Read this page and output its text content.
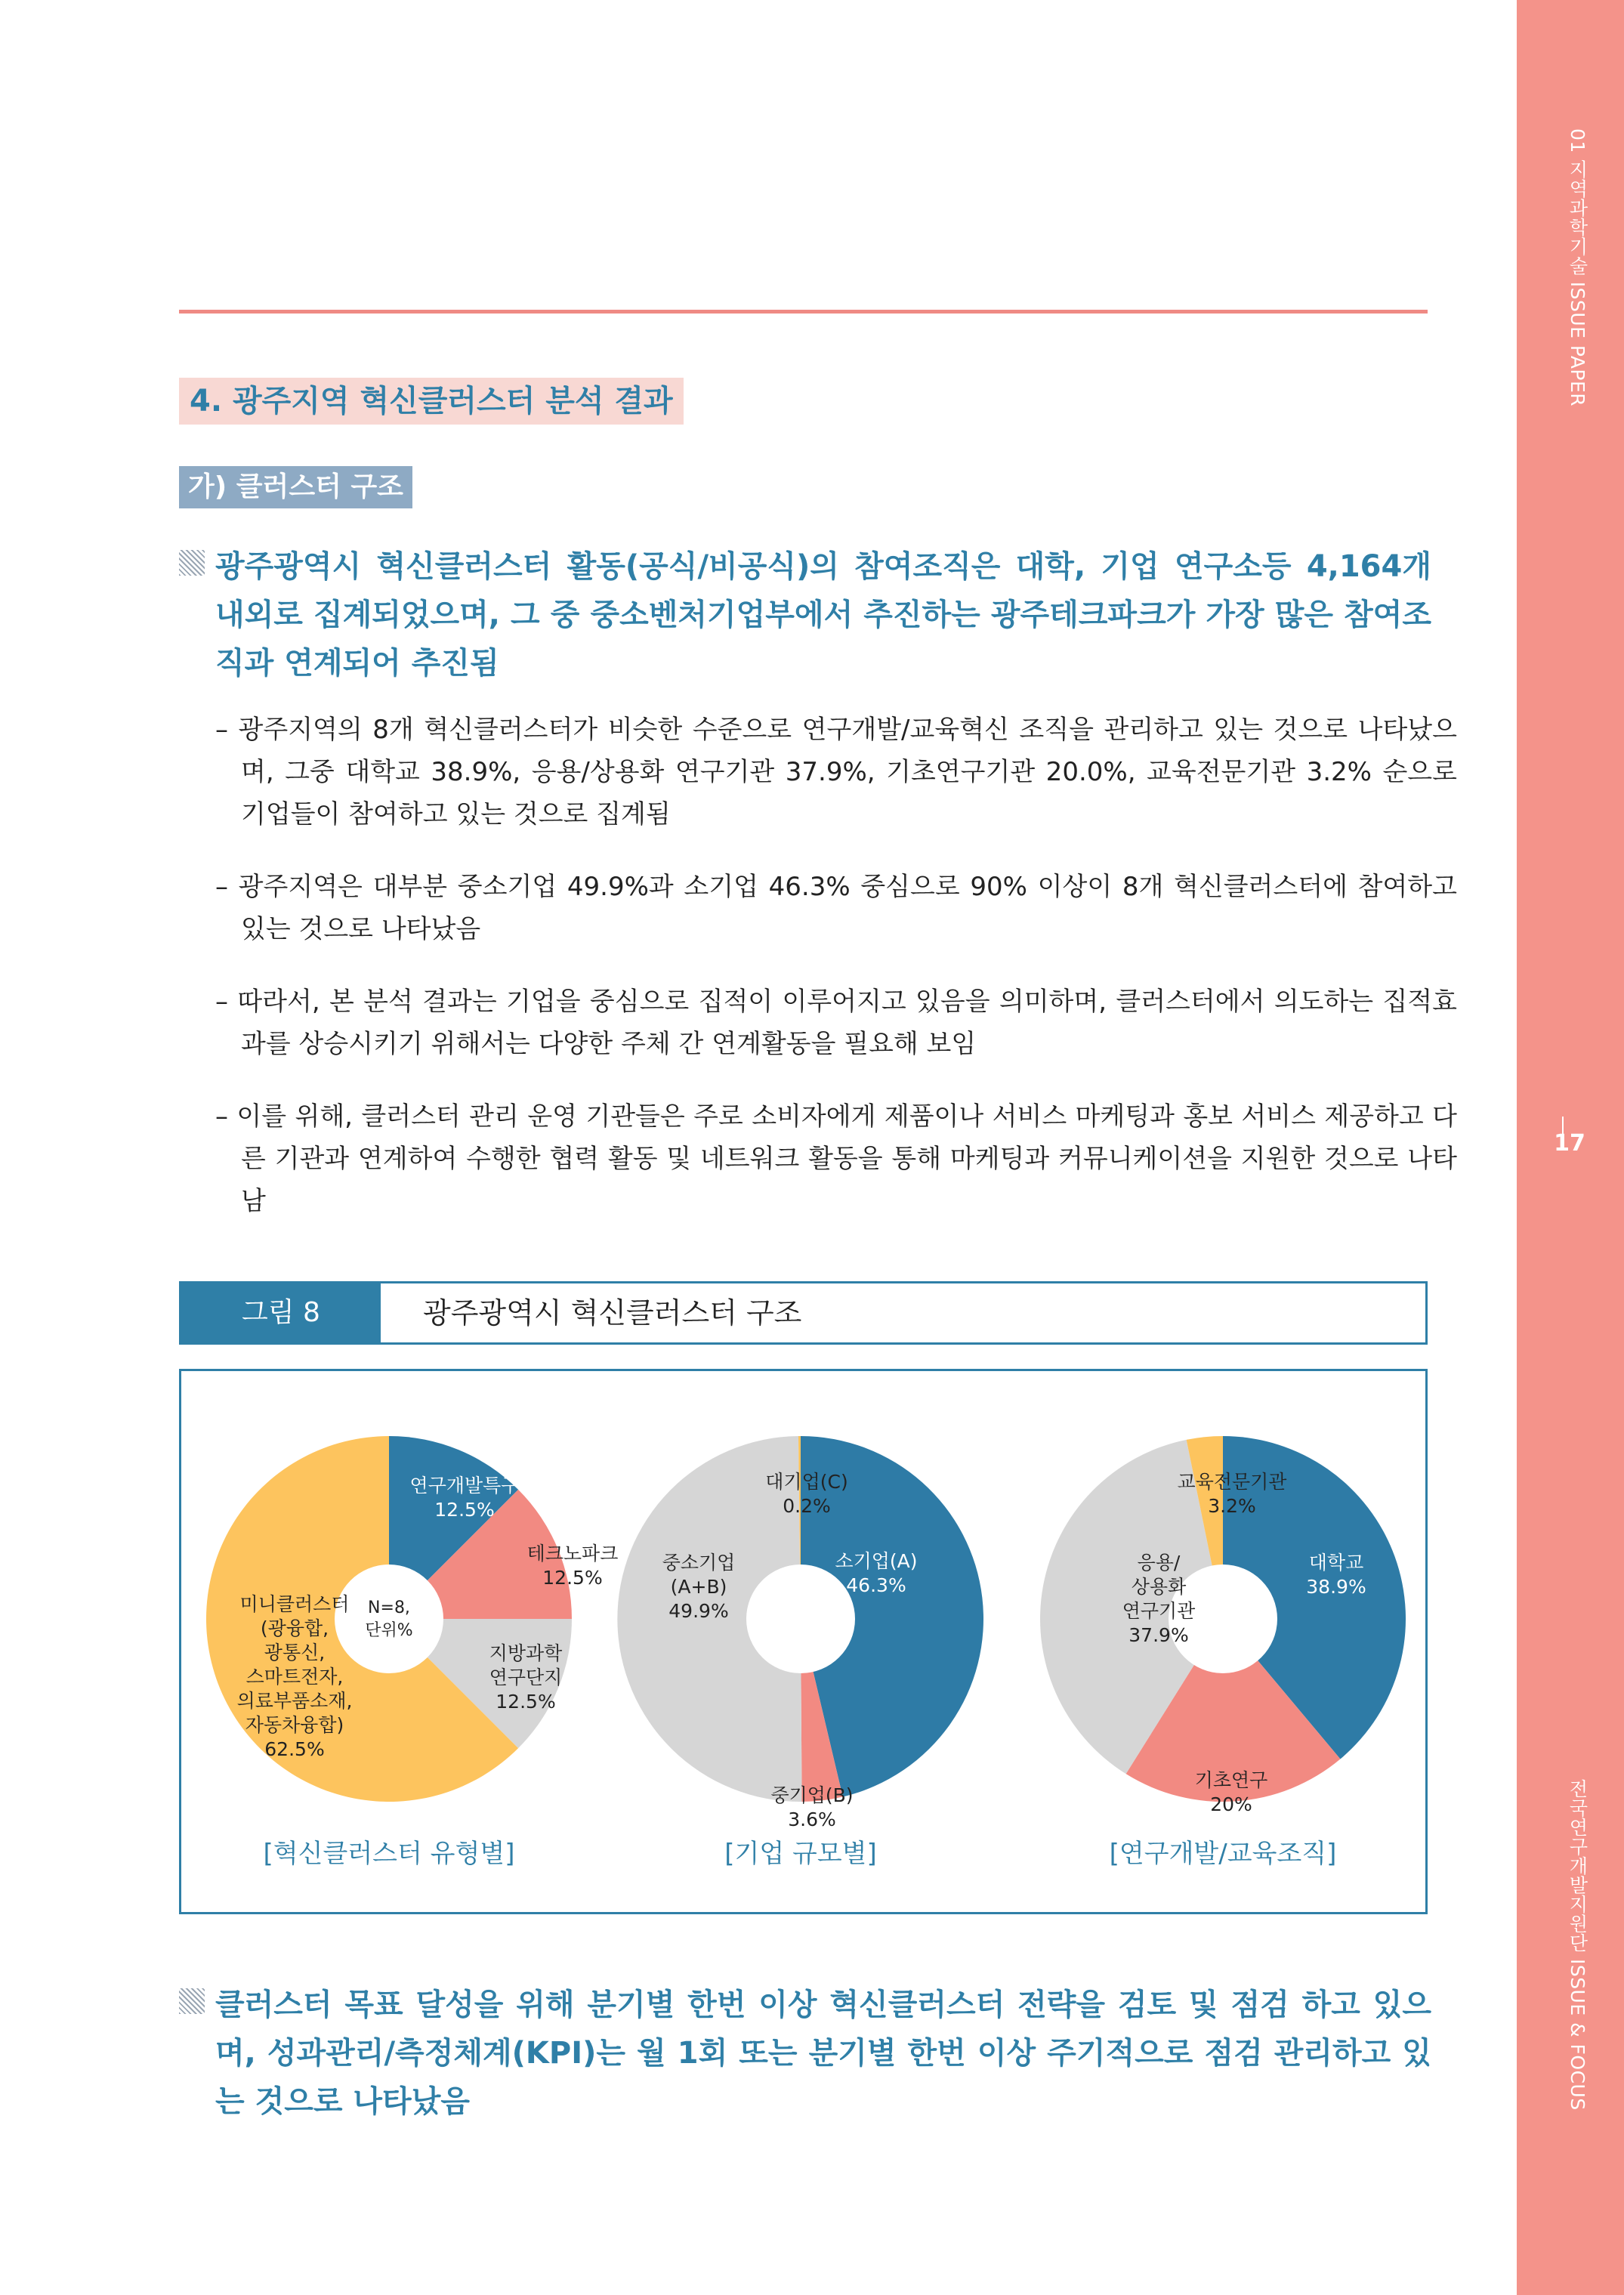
01 지역과학기술 ISSUE PAPER
17
전국연구개발지원단 ISSUE & FOCUS
4. 광주지역 혁신클러스터 분석 결과
가) 클러스터 구조
광주광역시 혁신클러스터 활동(공식/비공식)의 참여조직은 대학, 기업 연구소등 4,164개 내외로 집계되었으며, 그 중 중소벤처기업부에서 추진하는 광주테크파크가 가장 많은 참여조직과 연계되어 추진됨
– 광주지역의 8개 혁신클러스터가 비슷한 수준으로 연구개발/교육혁신 조직을 관리하고 있는 것으로 나타났으며, 그중 대학교 38.9%, 응용/상용화 연구기관 37.9%, 기초연구기관 20.0%, 교육전문기관 3.2% 순으로 기업들이 참여하고 있는 것으로 집계됨
– 광주지역은 대부분 중소기업 49.9%과 소기업 46.3% 중심으로 90% 이상이 8개 혁신클러스터에 참여하고 있는 것으로 나타났음
– 따라서, 본 분석 결과는 기업을 중심으로 집적이 이루어지고 있음을 의미하며, 클러스터에서 의도하는 집적효과를 상승시키기 위해서는 다양한 주체 간 연계활동을 필요해 보임
– 이를 위해, 클러스터 관리 운영 기관들은 주로 소비자에게 제품이나 서비스 마케팅과 홍보 서비스 제공하고 다른 기관과 연계하여 수행한 협력 활동 및 네트워크 활동을 통해 마케팅과 커뮤니케이션을 지원한 것으로 나타남
그림 8	광주광역시 혁신클러스터 구조
연구개발특구 12.5%
테크노파크 12.5%
지방과학 연구단지 12.5%
미니클러스터 (광융합, 광통신, 스마트전자, 의료부품소재, 자동차융합) 62.5%
N=8, 단위%
[혁신클러스터 유형별]
소기업(A) 46.3%
중기업(B) 3.6%
중소기업 (A+B) 49.9%
대기업(C) 0.2%
[기업 규모별]
대학교 38.9%
기초연구 20%
응용/ 상용화 연구기관 37.9%
교육전문기관 3.2%
[연구개발/교육조직]
클러스터 목표 달성을 위해 분기별 한번 이상 혁신클러스터 전략을 검토 및 점검 하고 있으며, 성과관리/측정체계(KPI)는 월 1회 또는 분기별 한번 이상 주기적으로 점검 관리하고 있는 것으로 나타났음
